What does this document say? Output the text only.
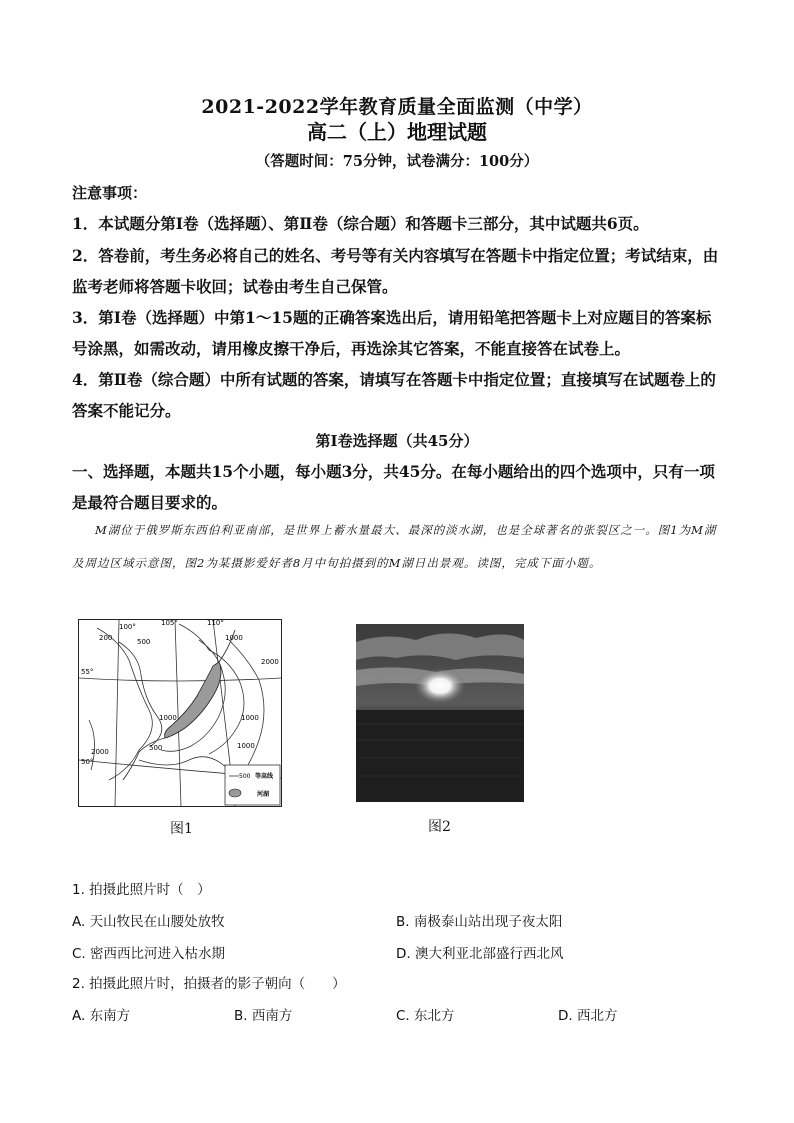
2021-2022学年教育质量全面监测（中学）
高二（上）地理试题
（答题时间：75分钟，试卷满分：100分）
注意事项：
1．本试题分第Ⅰ卷（选择题）、第Ⅱ卷（综合题）和答题卡三部分，其中试题共6页。
2．答卷前，考生务必将自己的姓名、考号等有关内容填写在答题卡中指定位置；考试结束，由监考老师将答题卡收回；试卷由考生自己保管。
3．第Ⅰ卷（选择题）中第1～15题的正确答案选出后，请用铅笔把答题卡上对应题目的答案标号涂黑，如需改动，请用橡皮擦干净后，再选涂其它答案，不能直接答在试卷上。
4．第Ⅱ卷（综合题）中所有试题的答案，请填写在答题卡中指定位置；直接填写在试题卷上的答案不能记分。
第Ⅰ卷选择题（共45分）
一、选择题，本题共15个小题，每小题3分，共45分。在每小题给出的四个选项中，只有一项是最符合题目要求的。
M湖位于俄罗斯东西伯利亚南部，是世界上蓄水量最大、最深的淡水湖，也是全球著名的张裂区之一。图1为M湖及周边区域示意图，图2为某摄影爱好者8月中旬拍摄到的M湖日出景观。读图，完成下面小题。
100°	105°	110°
55°
50°
200	500	1000
2000
1000
500
2000
1000
1000
500 等高线
河湖
图1	图2
1. 拍摄此照片时（　）
A. 天山牧民在山腰处放牧	B. 南极泰山站出现子夜太阳
C. 密西西比河进入枯水期	D. 澳大利亚北部盛行西北风
2. 拍摄此照片时，拍摄者的影子朝向（　　）
A. 东南方	B. 西南方	C. 东北方	D. 西北方
